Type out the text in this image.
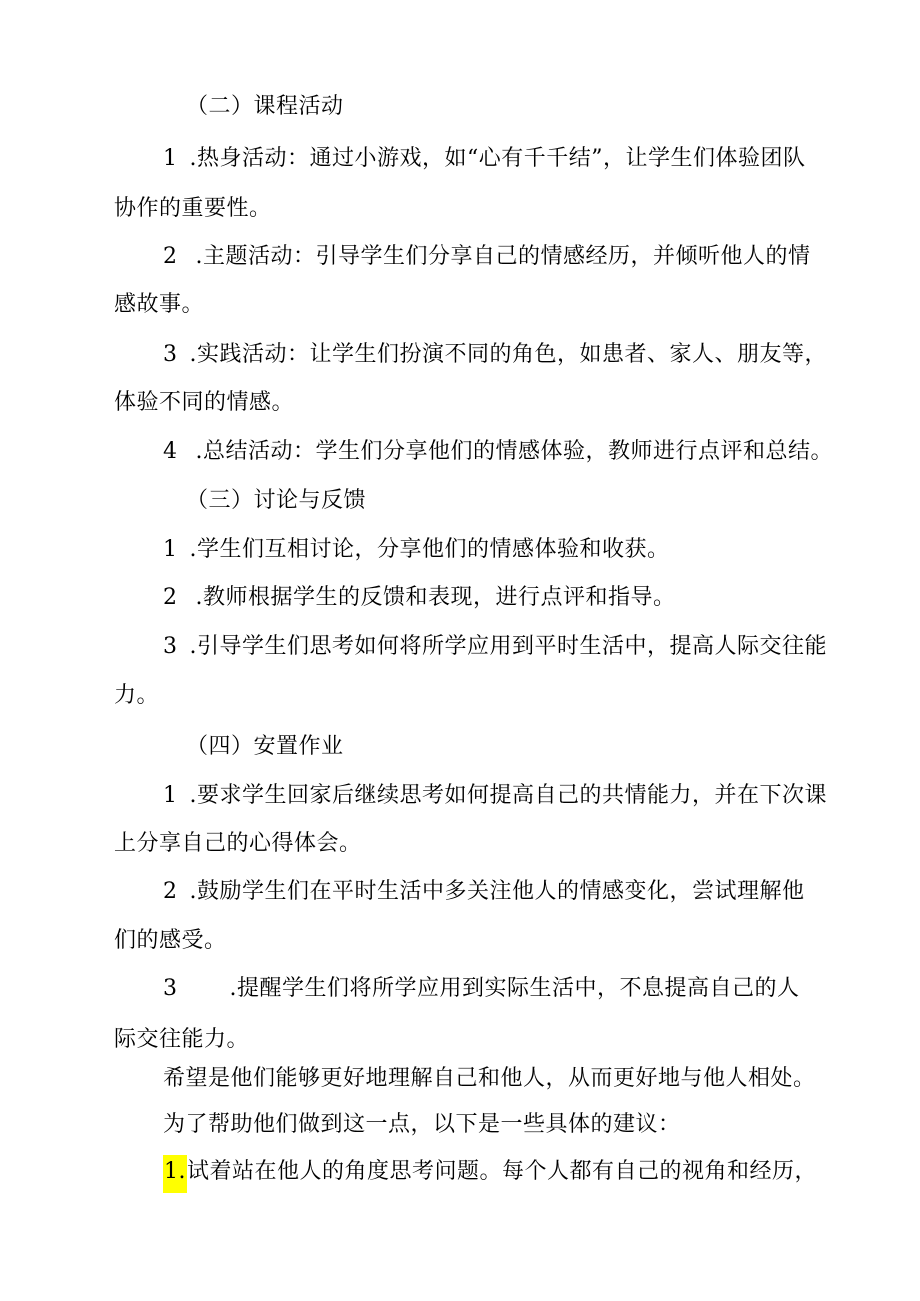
（二）课程活动
1 .热身活动：通过小游戏，如“心有千千结”，让学生们体验团队
协作的重要性。
2 .主题活动：引导学生们分享自己的情感经历，并倾听他人的情
感故事。
3 .实践活动：让学生们扮演不同的角色，如患者、家人、朋友等，
体验不同的情感。
4 .总结活动：学生们分享他们的情感体验，教师进行点评和总结。
（三）讨论与反馈
1 .学生们互相讨论，分享他们的情感体验和收获。
2 .教师根据学生的反馈和表现，进行点评和指导。
3 .引导学生们思考如何将所学应用到平时生活中，提高人际交往能
力。
（四）安置作业
1 .要求学生回家后继续思考如何提高自己的共情能力，并在下次课
上分享自己的心得体会。
2 .鼓励学生们在平时生活中多关注他人的情感变化，尝试理解他
们的感受。
3 .提醒学生们将所学应用到实际生活中，不息提高自己的人
际交往能力。
希望是他们能够更好地理解自己和他人，从而更好地与他人相处。
为了帮助他们做到这一点，以下是一些具体的建议：
1.试着站在他人的角度思考问题。每个人都有自己的视角和经历，
